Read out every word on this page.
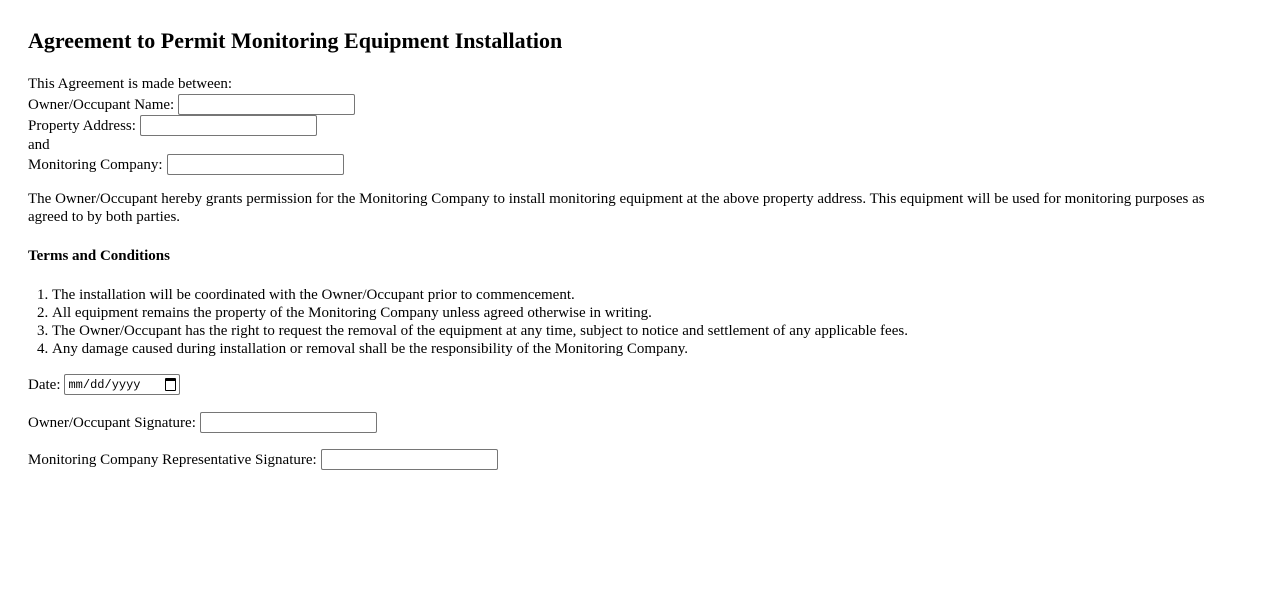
Agreement to Permit Monitoring Equipment Installation
This Agreement is made between:
Owner/Occupant Name:
Property Address:
and
Monitoring Company:
The Owner/Occupant hereby grants permission for the Monitoring Company to install monitoring equipment at the above property address. This equipment will be used for monitoring purposes as agreed to by both parties.
Terms and Conditions
1. The installation will be coordinated with the Owner/Occupant prior to commencement.
2. All equipment remains the property of the Monitoring Company unless agreed otherwise in writing.
3. The Owner/Occupant has the right to request the removal of the equipment at any time, subject to notice and settlement of any applicable fees.
4. Any damage caused during installation or removal shall be the responsibility of the Monitoring Company.
Date: mm/dd/yyyy
Owner/Occupant Signature:
Monitoring Company Representative Signature:
